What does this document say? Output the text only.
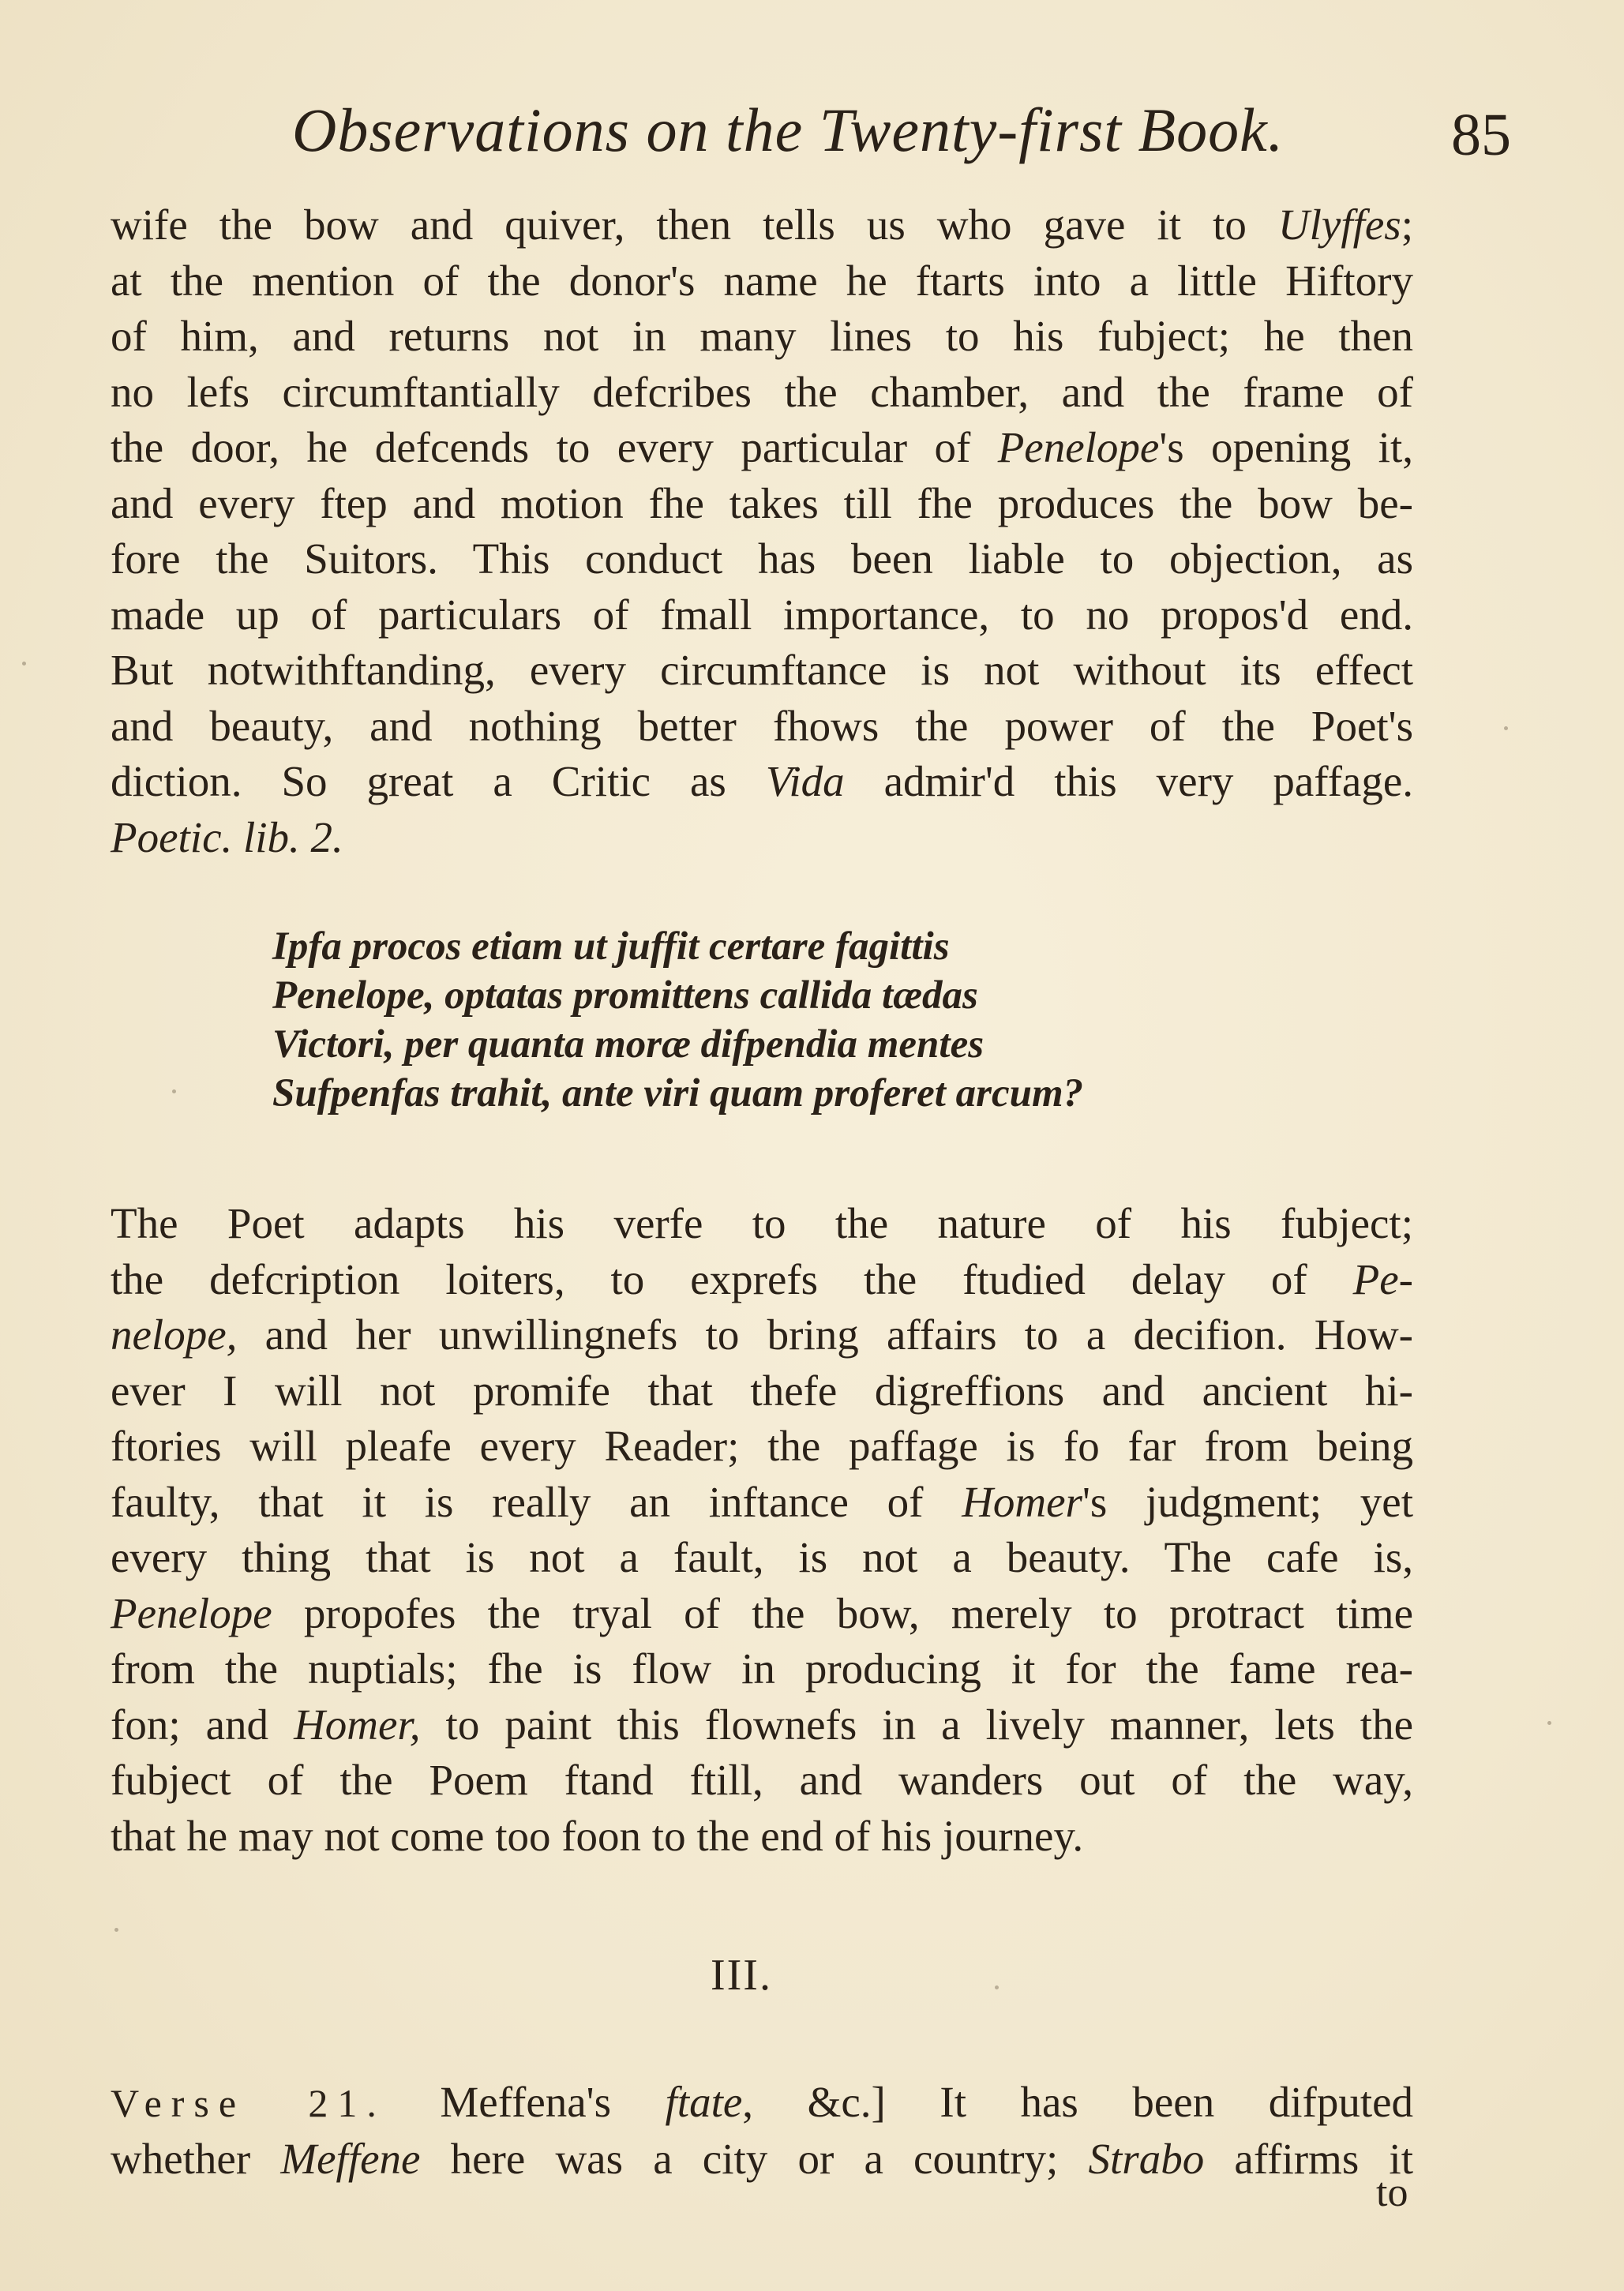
Observations on the Twenty-first Book.	85
wife the bow and quiver, then tells us who gave it to Ulyffes;
at the mention of the donor's name he ftarts into a little Hiftory
of him, and returns not in many lines to his fubject; he then
no lefs circumftantially defcribes the chamber, and the frame of
the door, he defcends to every particular of Penelope's opening it,
and every ftep and motion fhe takes till fhe produces the bow be-
fore the Suitors. This conduct has been liable to objection, as
made up of particulars of fmall importance, to no propos'd end.
But notwithftanding, every circumftance is not without its effect
and beauty, and nothing better fhows the power of the Poet's
diction. So great a Critic as Vida admir'd this very paffage.
Poetic. lib. 2.
Ipfa procos etiam ut juffit certare fagittis
Penelope, optatas promittens callida tædas
Victori, per quanta moræ difpendia mentes
Sufpenfas trahit, ante viri quam proferet arcum?
The Poet adapts his verfe to the nature of his fubject;
the defcription loiters, to exprefs the ftudied delay of Pe-
nelope, and her unwillingnefs to bring affairs to a decifion. How-
ever I will not promife that thefe digreffions and ancient hi-
ftories will pleafe every Reader; the paffage is fo far from being
faulty, that it is really an inftance of Homer's judgment; yet
every thing that is not a fault, is not a beauty. The cafe is,
Penelope propofes the tryal of the bow, merely to protract time
from the nuptials; fhe is flow in producing it for the fame rea-
fon; and Homer, to paint this flownefs in a lively manner, lets the
fubject of the Poem ftand ftill, and wanders out of the way,
that he may not come too foon to the end of his journey.
III.
Verse 21. Meffena's ftate, &c.] It has been difputed
whether Meffene here was a city or a country; Strabo affirms it
to
